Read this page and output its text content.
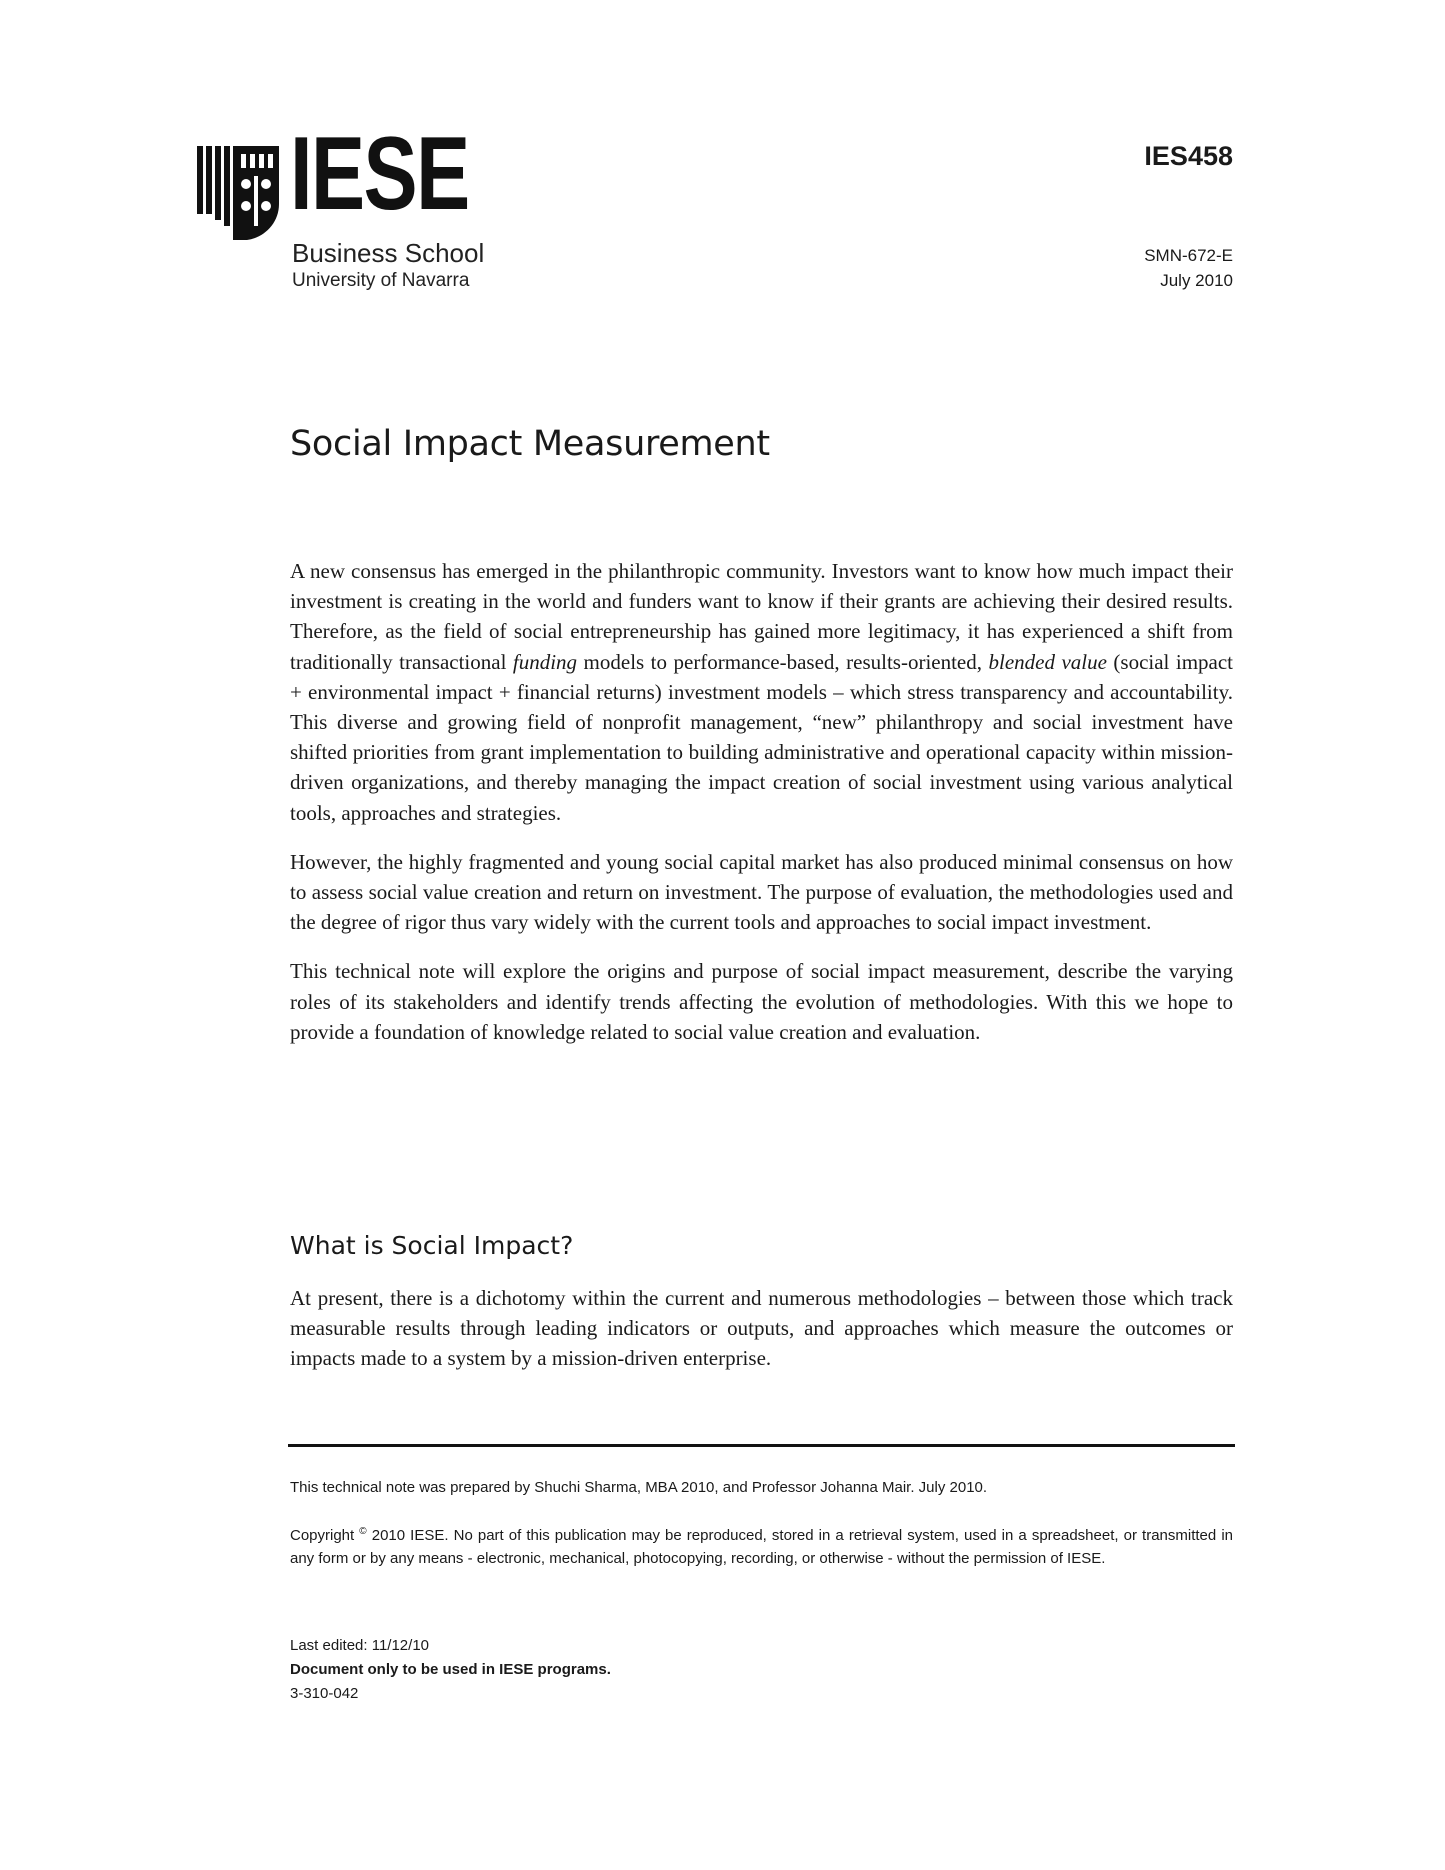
IESE
Business School
University of Navarra
IES458
SMN-672-E
July 2010
Social Impact Measurement

A new consensus has emerged in the philanthropic community. Investors want to know how much impact their investment is creating in the world and funders want to know if their grants are achieving their desired results. Therefore, as the field of social entrepreneurship has gained more legitimacy, it has experienced a shift from traditionally transactional funding models to performance-based, results-oriented, blended value (social impact + environmental impact + financial returns) investment models – which stress transparency and accountability. This diverse and growing field of nonprofit management, “new” philanthropy and social investment have shifted priorities from grant implementation to building administrative and operational capacity within mission-driven organizations, and thereby managing the impact creation of social investment using various analytical tools, approaches and strategies.

However, the highly fragmented and young social capital market has also produced minimal consensus on how to assess social value creation and return on investment. The purpose of evaluation, the methodologies used and the degree of rigor thus vary widely with the current tools and approaches to social impact investment.

This technical note will explore the origins and purpose of social impact measurement, describe the varying roles of its stakeholders and identify trends affecting the evolution of methodologies. With this we hope to provide a foundation of knowledge related to social value creation and evaluation.

What is Social Impact?

At present, there is a dichotomy within the current and numerous methodologies – between those which track measurable results through leading indicators or outputs, and approaches which measure the outcomes or impacts made to a system by a mission-driven enterprise.

This technical note was prepared by Shuchi Sharma, MBA 2010, and Professor Johanna Mair. July 2010.
Copyright © 2010 IESE. No part of this publication may be reproduced, stored in a retrieval system, used in a spreadsheet, or transmitted in any form or by any means - electronic, mechanical, photocopying, recording, or otherwise - without the permission of IESE.
Last edited: 11/12/10
Document only to be used in IESE programs.
3-310-042
